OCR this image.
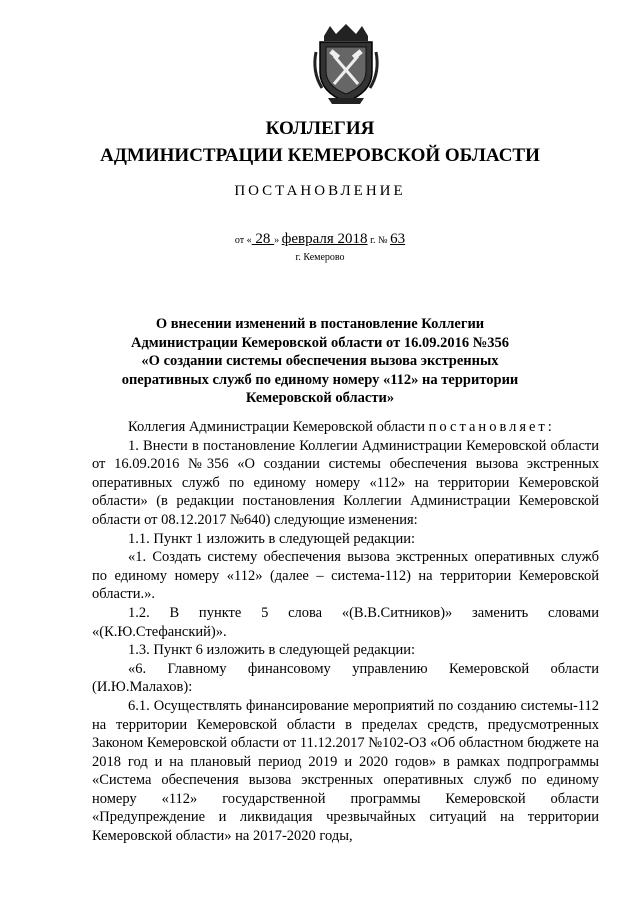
КОЛЛЕГИЯ
АДМИНИСТРАЦИИ КЕМЕРОВСКОЙ ОБЛАСТИ
ПОСТАНОВЛЕНИЕ
от « 28 » февраля 2018 г. № 63
г. Кемерово
О внесении изменений в постановление Коллегии Администрации Кемеровской области от 16.09.2016 №356 «О создании системы обеспечения вызова экстренных оперативных служб по единому номеру «112» на территории Кемеровской области»

Коллегия Администрации Кемеровской области постановляет:

1. Внести в постановление Коллегии Администрации Кемеровской области от 16.09.2016 №356 «О создании системы обеспечения вызова экстренных оперативных служб по единому номеру «112» на территории Кемеровской области» (в редакции постановления Коллегии Администрации Кемеровской области от 08.12.2017 №640) следующие изменения:

1.1. Пункт 1 изложить в следующей редакции:

«1. Создать систему обеспечения вызова экстренных оперативных служб по единому номеру «112» (далее – система-112) на территории Кемеровской области.».

1.2. В пункте 5 слова «(В.В.Ситников)» заменить словами «(К.Ю.Стефанский)».

1.3. Пункт 6 изложить в следующей редакции:

«6. Главному финансовому управлению Кемеровской области (И.Ю.Малахов):

6.1. Осуществлять финансирование мероприятий по созданию системы-112 на территории Кемеровской области в пределах средств, предусмотренных Законом Кемеровской области от 11.12.2017 №102-ОЗ «Об областном бюджете на 2018 год и на плановый период 2019 и 2020 годов» в рамках подпрограммы «Система обеспечения вызова экстренных оперативных служб по единому номеру «112» государственной программы Кемеровской области «Предупреждение и ликвидация чрезвычайных ситуаций на территории Кемеровской области» на 2017-2020 годы,
